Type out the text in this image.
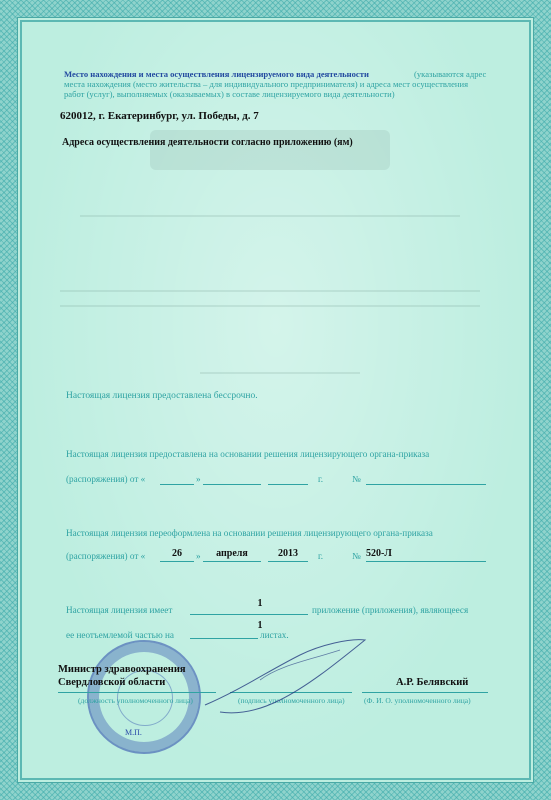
Место нахождения и места осуществления лицензируемого вида деятельности	(указываются адрес
места нахождения (место жительства – для индивидуального предпринимателя) и адреса мест осуществления
работ (услуг), выполняемых (оказываемых) в составе лицензируемого вида деятельности)
620012, г. Екатеринбург, ул. Победы, д. 7
Адреса осуществления деятельности согласно приложению (ям)
Настоящая лицензия предоставлена бессрочно.
Настоящая лицензия предоставлена на основании решения лицензирующего органа-приказа
(распоряжения) от «	»	г.	№
Настоящая лицензия переоформлена на основании решения лицензирующего органа-приказа
(распоряжения) от «	26	»	апреля	2013	г.	№ 520-Л
Настоящая лицензия имеет
1
приложение (приложения), являющееся
ее неотъемлемой частью на
1
листах.
М.П.
Министр здравоохранения
Свердловской области	А.Р. Белявский
(должность уполномоченного лица)	(подпись уполномоченного лица)	(Ф. И. О. уполномоченного лица)
